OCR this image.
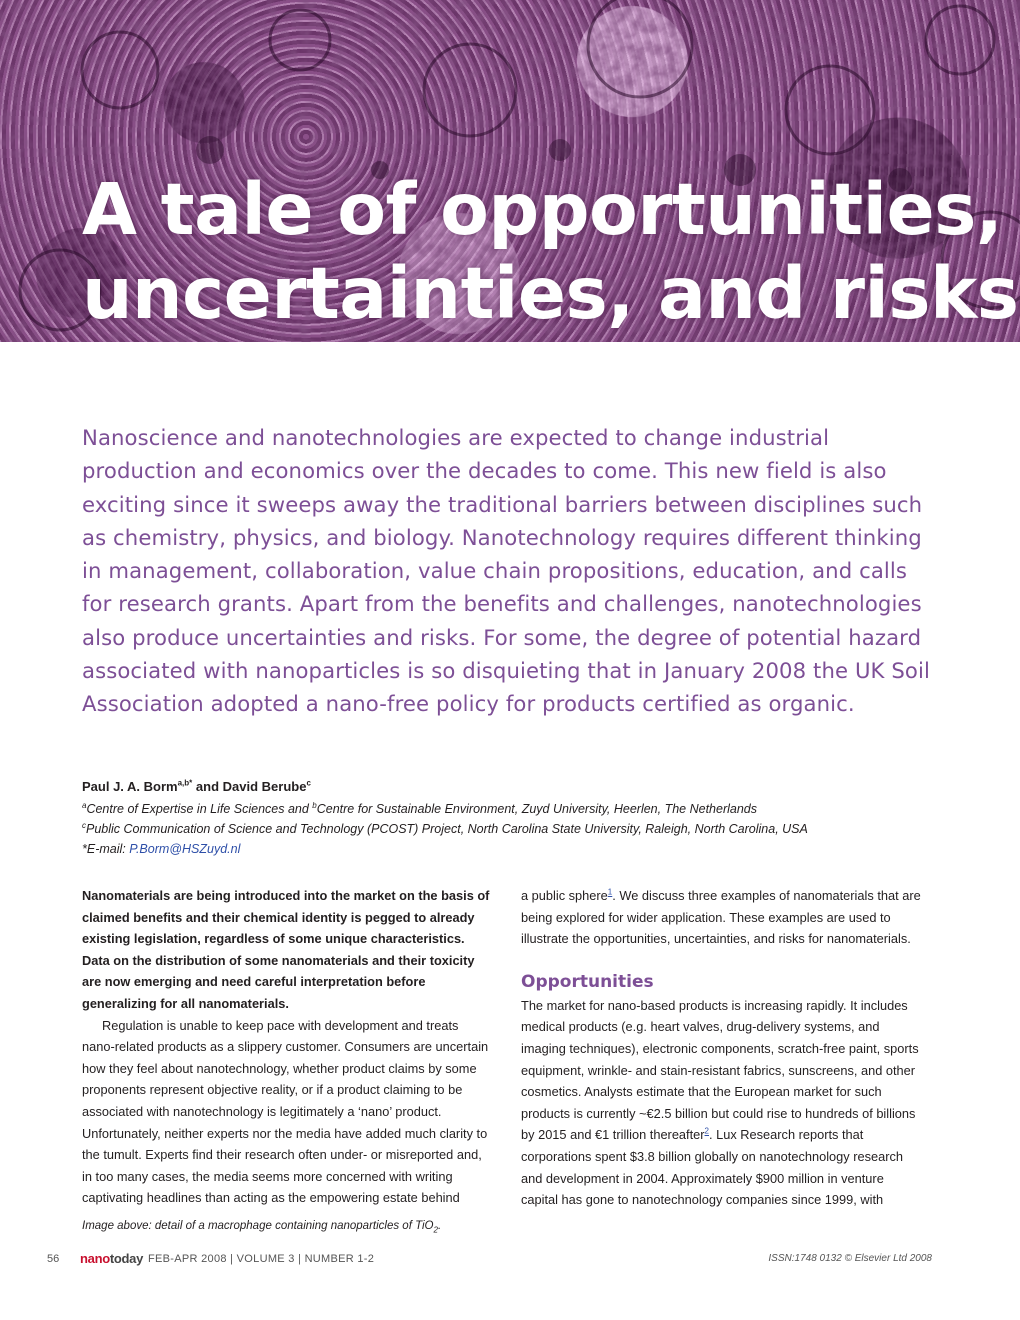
A tale of opportunities,
uncertainties, and risks

Nanoscience and nanotechnologies are expected to change industrial production and economics over the decades to come. This new field is also exciting since it sweeps away the traditional barriers between disciplines such as chemistry, physics, and biology. Nanotechnology requires different thinking in management, collaboration, value chain propositions, education, and calls for research grants. Apart from the benefits and challenges, nanotechnologies also produce uncertainties and risks. For some, the degree of potential hazard associated with nanoparticles is so disquieting that in January 2008 the UK Soil Association adopted a nano-free policy for products certified as organic.

Paul J. A. Borm$^{a,b*}$ and David Berube$^c$

$^a$Centre of Expertise in Life Sciences and $^b$Centre for Sustainable Environment, Zuyd University, Heerlen, The Netherlands

$^c$Public Communication of Science and Technology (PCOST) Project, North Carolina State University, Raleigh, North Carolina, USA

*E-mail: P.Borm@HSZuyd.nl

Nanomaterials are being introduced into the market on the basis of claimed benefits and their chemical identity is pegged to already existing legislation, regardless of some unique characteristics. Data on the distribution of some nanomaterials and their toxicity are now emerging and need careful interpretation before generalizing for all nanomaterials.

Regulation is unable to keep pace with development and treats nano-related products as a slippery customer. Consumers are uncertain how they feel about nanotechnology, whether product claims by some proponents represent objective reality, or if a product claiming to be associated with nanotechnology is legitimately a ‘nano’ product. Unfortunately, neither experts nor the media have added much clarity to the tumult. Experts find their research often under- or misreported and, in too many cases, the media seems more concerned with writing captivating headlines than acting as the empowering estate behind

a public sphere$^1$. We discuss three examples of nanomaterials that are being explored for wider application. These examples are used to illustrate the opportunities, uncertainties, and risks for nanomaterials.

Opportunities

The market for nano-based products is increasing rapidly. It includes medical products (e.g. heart valves, drug-delivery systems, and imaging techniques), electronic components, scratch-free paint, sports equipment, wrinkle- and stain-resistant fabrics, sunscreens, and other cosmetics. Analysts estimate that the European market for such products is currently ~€2.5 billion but could rise to hundreds of billions by 2015 and €1 trillion thereafter$^2$. Lux Research reports that corporations spent $3.8 billion globally on nanotechnology research and development in 2004. Approximately $900 million in venture capital has gone to nanotechnology companies since 1999, with

Image above: detail of a macrophage containing nanoparticles of TiO$_2$.
56 nanotoday FEB-APR 2008 | VOLUME 3 | NUMBER 1-2	ISSN:1748 0132 © Elsevier Ltd 2008
